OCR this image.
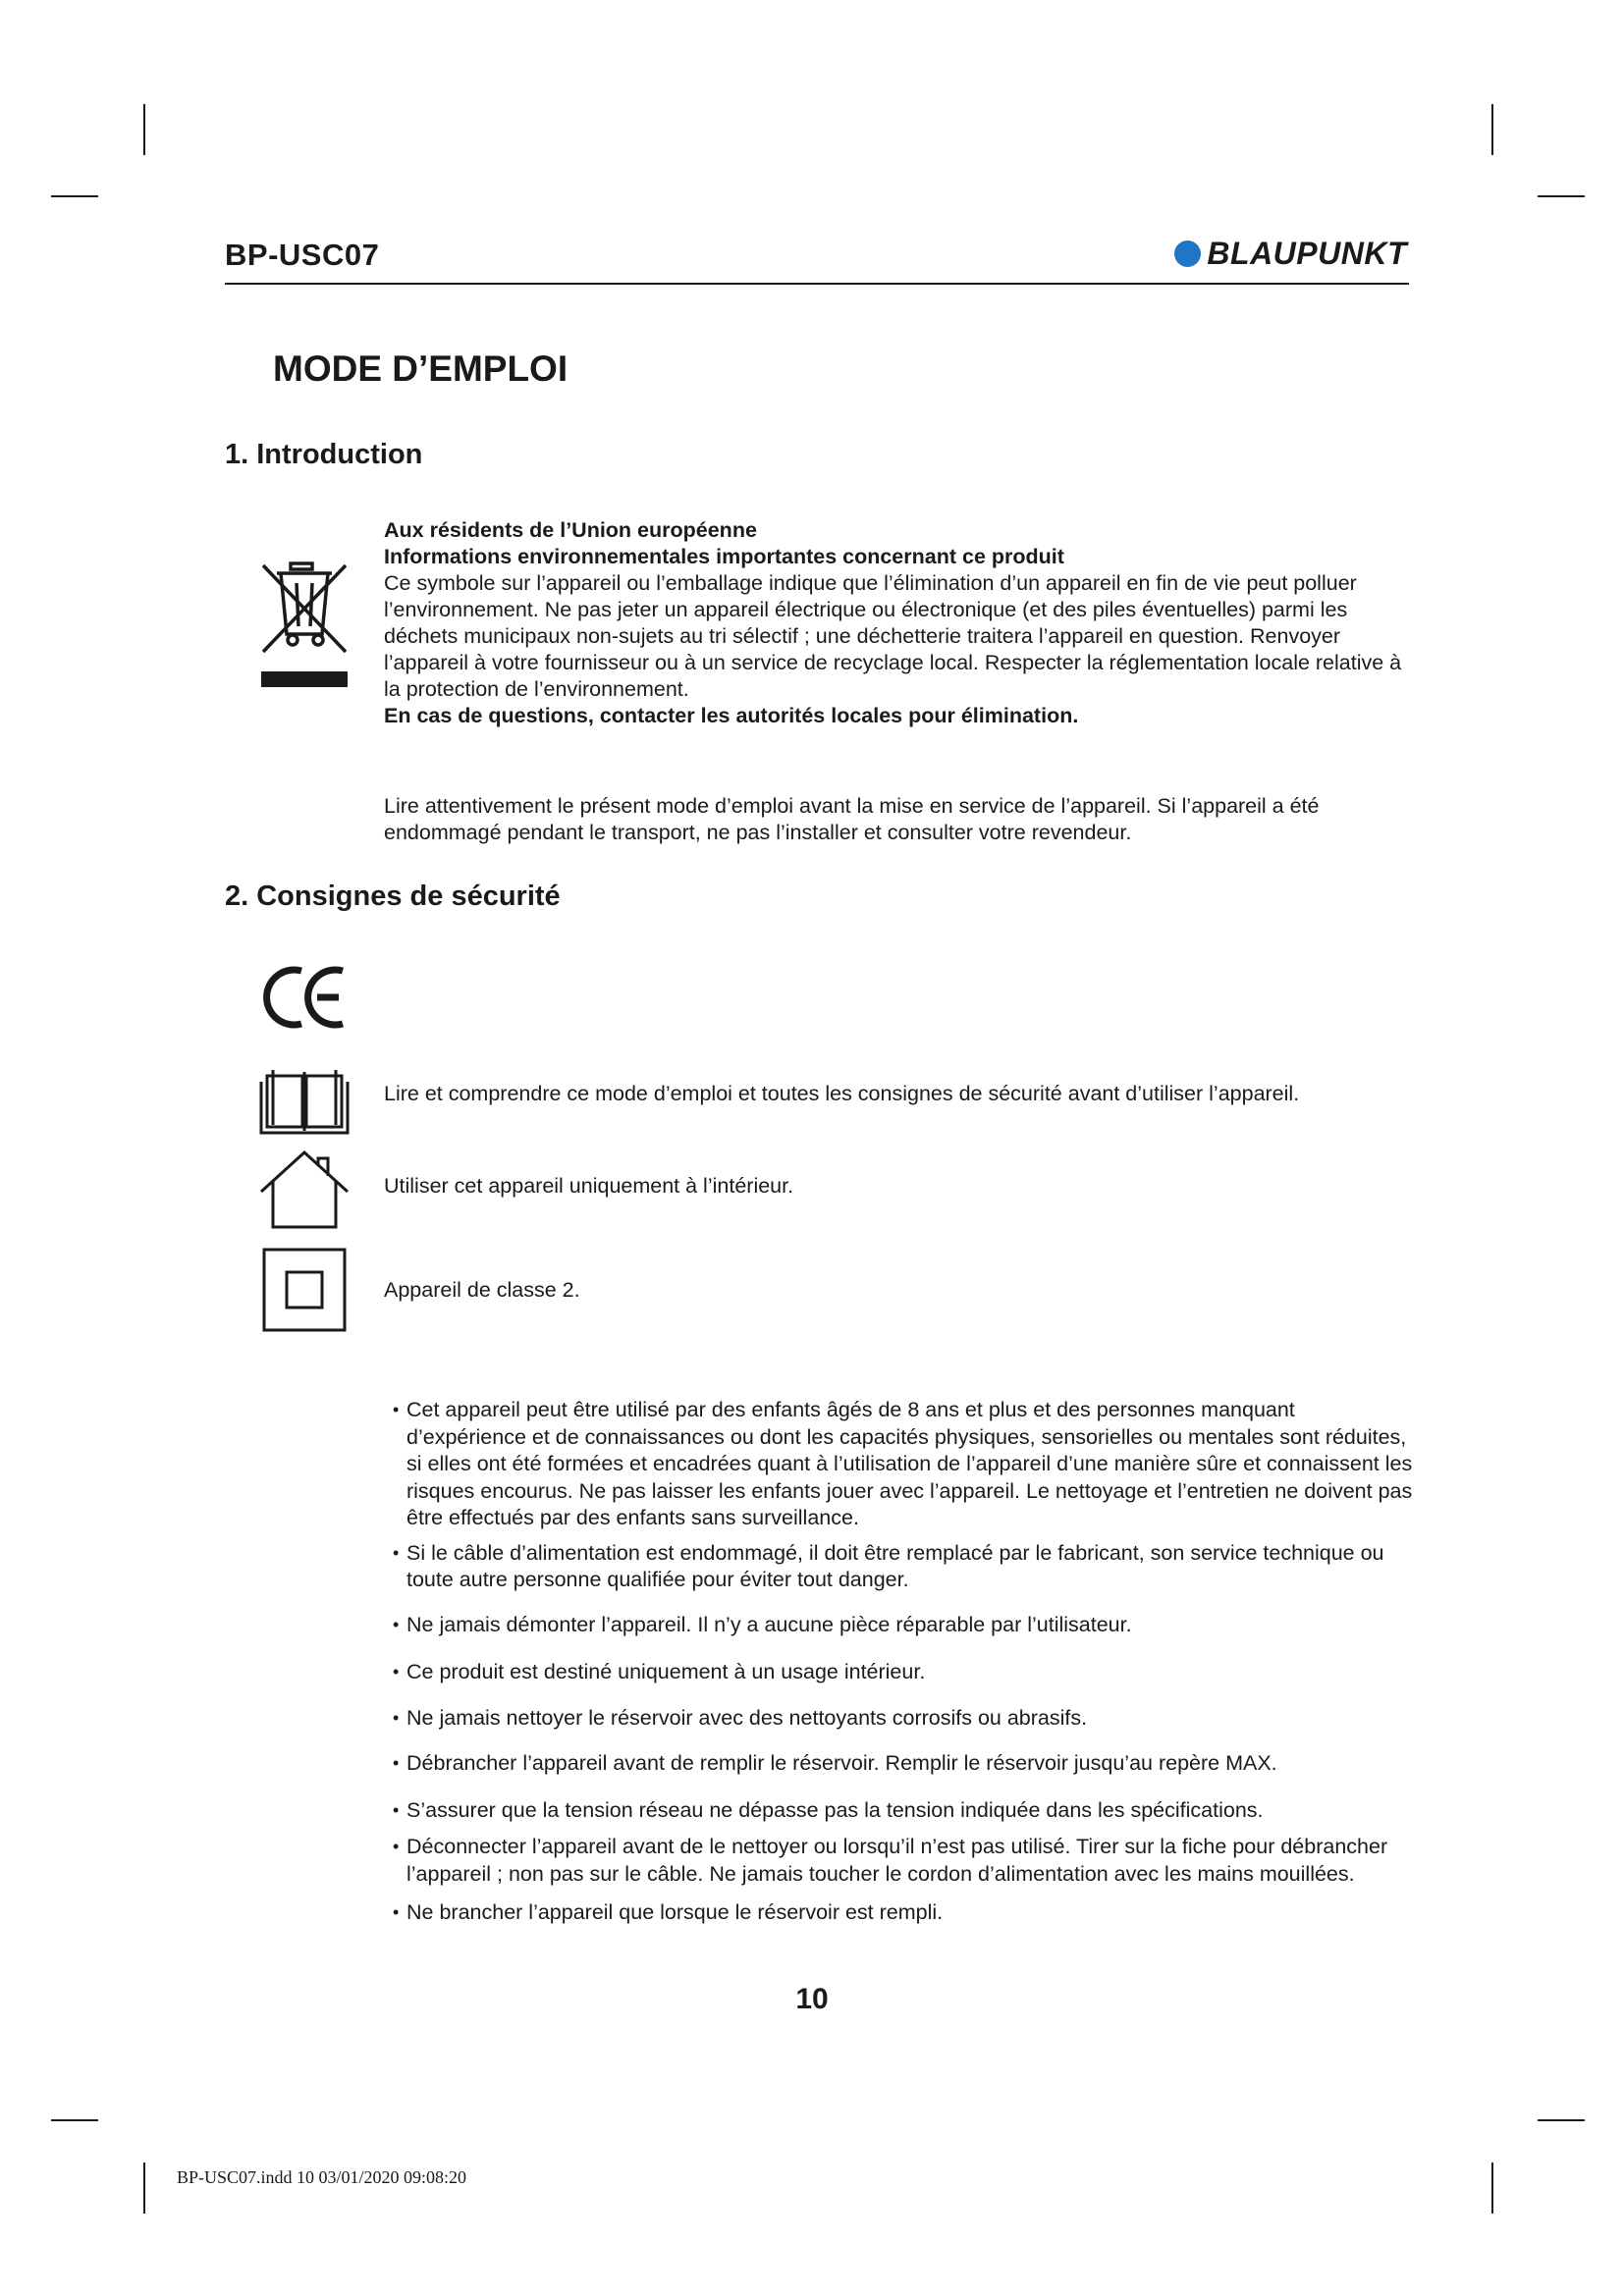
BP-USC07	BLAUPUNKT
MODE D’EMPLOI
1. Introduction

Aux résidents de l’Union européenne

Informations environnementales importantes concernant ce produit

Ce symbole sur l’appareil ou l’emballage indique que l’élimination d’un appareil en fin de vie peut polluer l’environnement. Ne pas jeter un appareil électrique ou électronique (et des piles éventuelles) parmi les déchets municipaux non-sujets au tri sélectif ; une déchetterie traitera l’appareil en question. Renvoyer l’appareil à votre fournisseur ou à un service de recyclage local. Respecter la réglementation locale relative à la protection de l’environnement.

En cas de questions, contacter les autorités locales pour élimination.

Lire attentivement le présent mode d’emploi avant la mise en service de l’appareil. Si l’appareil a été endommagé pendant le transport, ne pas l’installer et consulter votre revendeur.

2. Consignes de sécurité

Lire et comprendre ce mode d’emploi et toutes les consignes de sécurité avant d’utiliser l’appareil.

Utiliser cet appareil uniquement à l’intérieur.

Appareil de classe 2.

• Cet appareil peut être utilisé par des enfants âgés de 8 ans et plus et des personnes manquant d’expérience et de connaissances ou dont les capacités physiques, sensorielles ou mentales sont réduites, si elles ont été formées et encadrées quant à l’utilisation de l’appareil d’une manière sûre et connaissent les risques encourus. Ne pas laisser les enfants jouer avec l’appareil. Le nettoyage et l’entretien ne doivent pas être effectués par des enfants sans surveillance.
• Si le câble d’alimentation est endommagé, il doit être remplacé par le fabricant, son service technique ou toute autre personne qualifiée pour éviter tout danger.
• Ne jamais démonter l’appareil. Il n’y a aucune pièce réparable par l’utilisateur.
• Ce produit est destiné uniquement à un usage intérieur.
• Ne jamais nettoyer le réservoir avec des nettoyants corrosifs ou abrasifs.
• Débrancher l’appareil avant de remplir le réservoir. Remplir le réservoir jusqu’au repère MAX.
• S’assurer que la tension réseau ne dépasse pas la tension indiquée dans les spécifications.
• Déconnecter l’appareil avant de le nettoyer ou lorsqu’il n’est pas utilisé. Tirer sur la fiche pour débrancher l’appareil ; non pas sur le câble. Ne jamais toucher le cordon d’alimentation avec les mains mouillées.
• Ne brancher l’appareil que lorsque le réservoir est rempli.

10

BP-USC07.indd 10 03/01/2020 09:08:20
